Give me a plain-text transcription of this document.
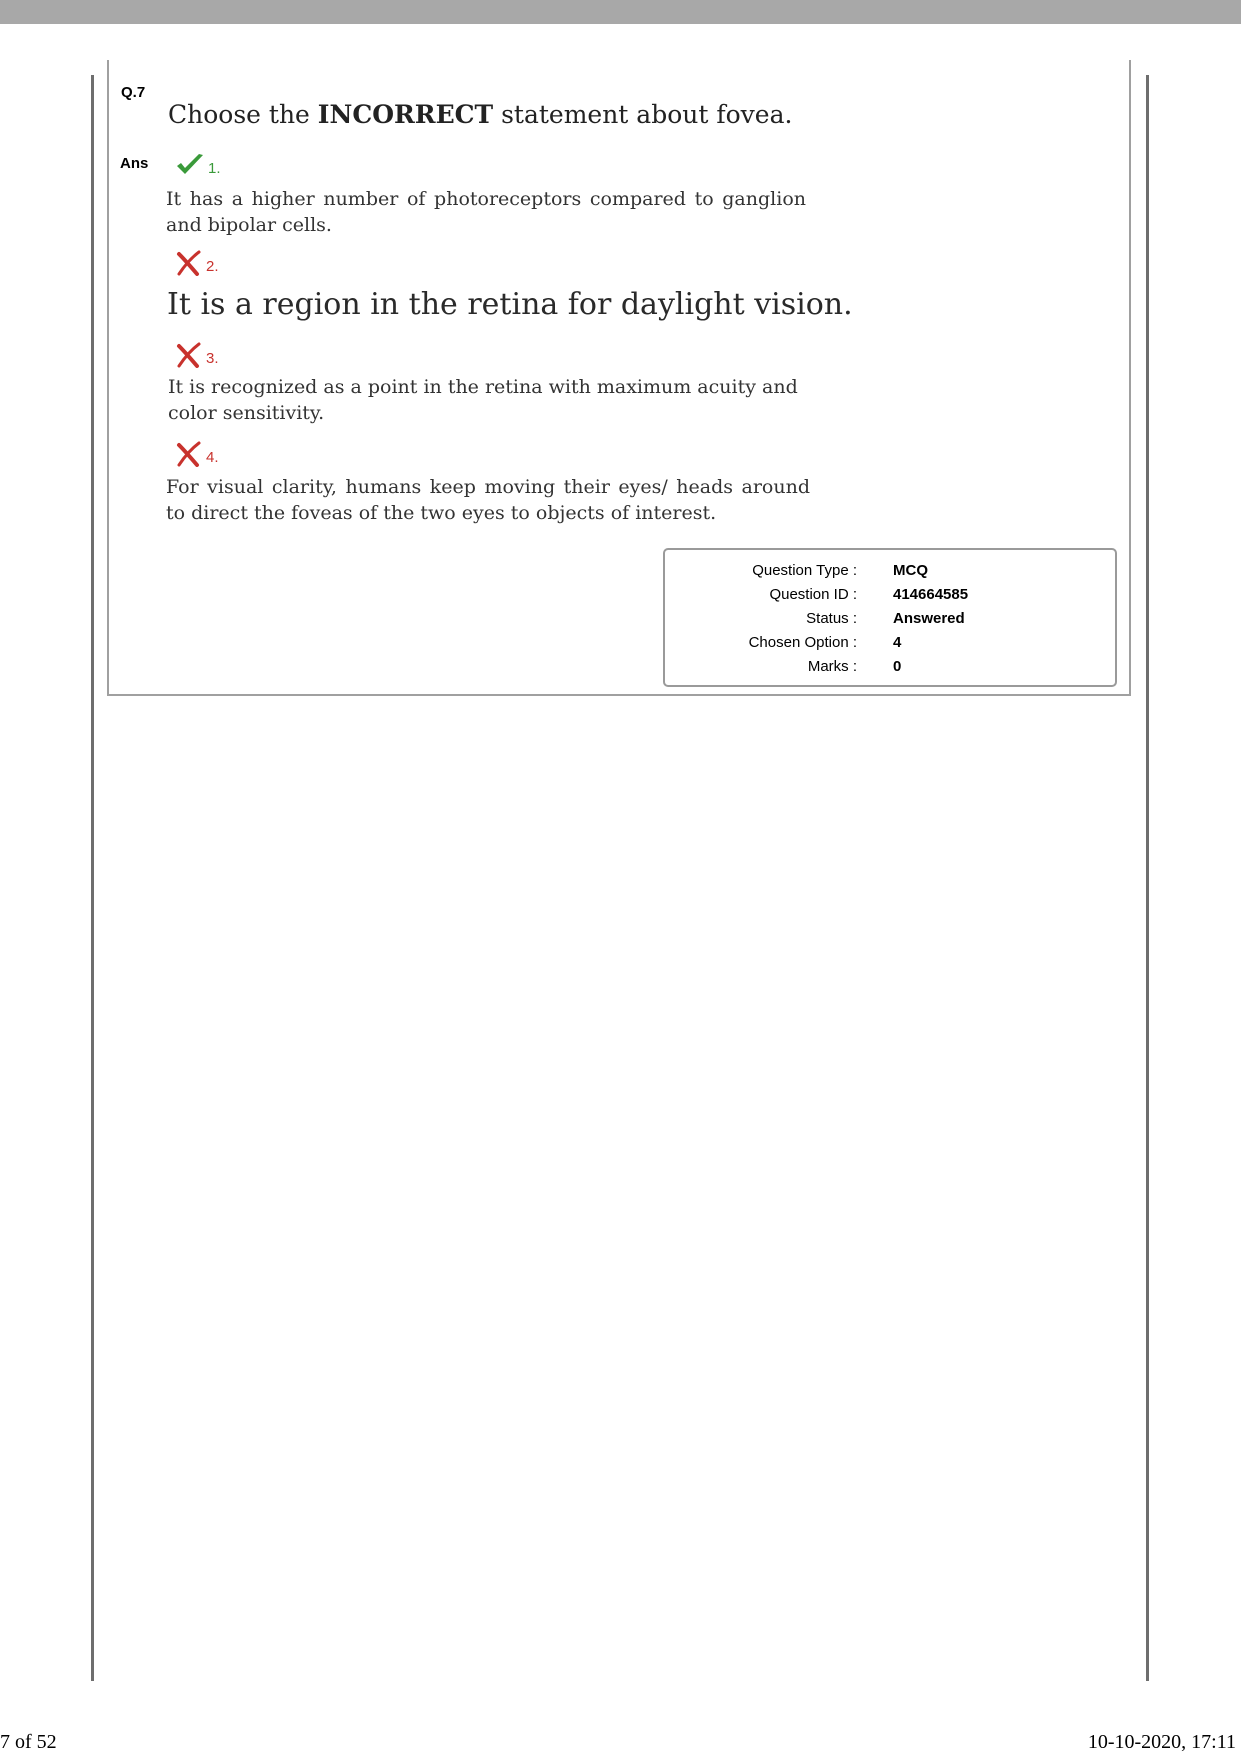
Q.7
Choose the INCORRECT statement about fovea.
Ans	1.
It has a higher number of photoreceptors compared to ganglion and bipolar cells.
2.
It is a region in the retina for daylight vision.
3.
It is recognized as a point in the retina with maximum acuity and color sensitivity.
4.
For visual clarity, humans keep moving their eyes/ heads around to direct the foveas of the two eyes to objects of interest.
Question Type : MCQ
Question ID : 414664585
Status : Answered
Chosen Option : 4
Marks : 0
7 of 52	10-10-2020, 17:11
